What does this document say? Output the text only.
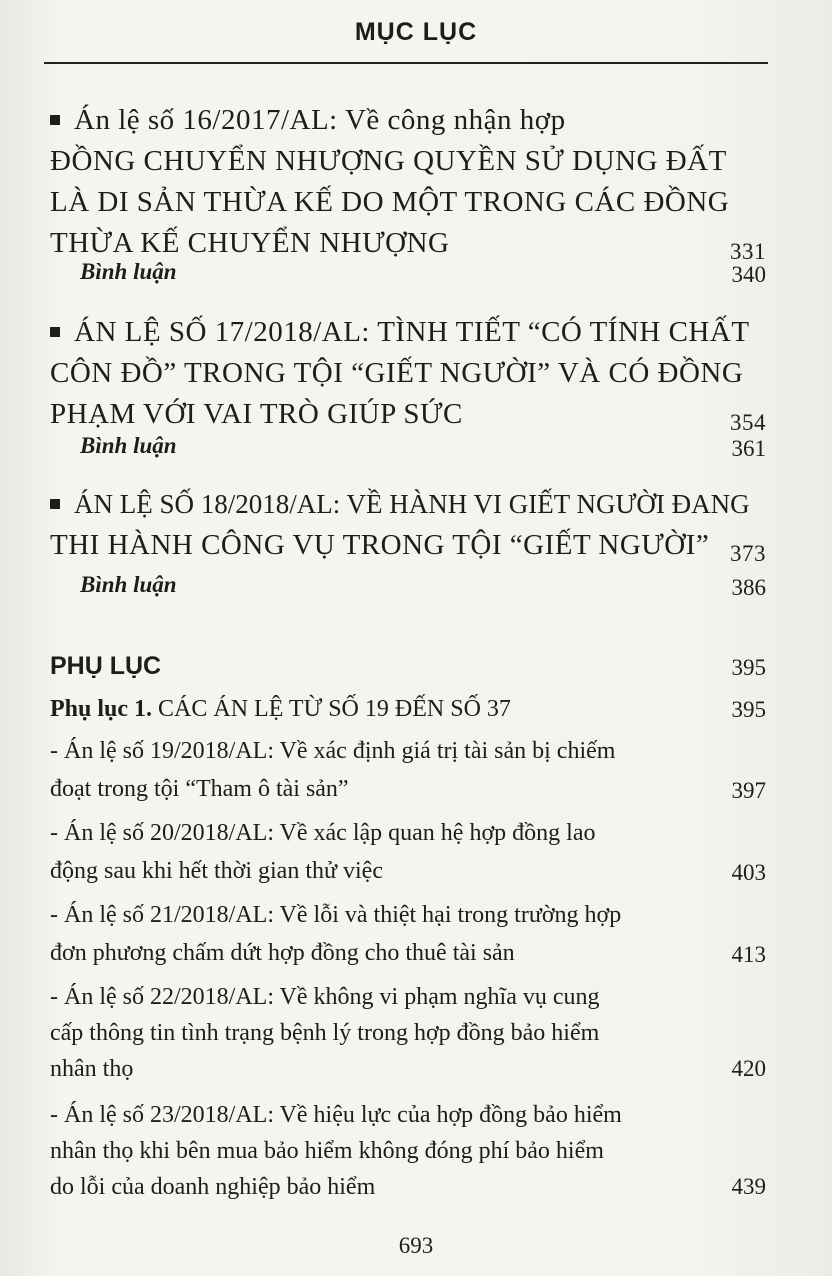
MỤC LỤC
Án lệ số 16/2017/AL: Về công nhận hợp
ĐỒNG CHUYỂN NHƯỢNG QUYỀN SỬ DỤNG ĐẤT
LÀ DI SẢN THỪA KẾ DO MỘT TRONG CÁC ĐỒNG
THỪA KẾ CHUYỂN NHƯỢNG	331
Bình luận	340
ÁN LỆ SỐ 17/2018/AL: TÌNH TIẾT “CÓ TÍNH CHẤT
CÔN ĐỒ” TRONG TỘI “GIẾT NGƯỜI” VÀ CÓ ĐỒNG
PHẠM VỚI VAI TRÒ GIÚP SỨC	354
Bình luận	361
ÁN LỆ SỐ 18/2018/AL: VỀ HÀNH VI GIẾT NGƯỜI ĐANG
THI HÀNH CÔNG VỤ TRONG TỘI “GIẾT NGƯỜI” 373
Bình luận	386
PHỤ LỤC	395
Phụ lục 1. CÁC ÁN LỆ TỪ SỐ 19 ĐẾN SỐ 37	395
- Án lệ số 19/2018/AL: Về xác định giá trị tài sản bị chiếm
đoạt trong tội “Tham ô tài sản”	397
- Án lệ số 20/2018/AL: Về xác lập quan hệ hợp đồng lao
động sau khi hết thời gian thử việc	403
- Án lệ số 21/2018/AL: Về lỗi và thiệt hại trong trường hợp
đơn phương chấm dứt hợp đồng cho thuê tài sản	413
- Án lệ số 22/2018/AL: Về không vi phạm nghĩa vụ cung
cấp thông tin tình trạng bệnh lý trong hợp đồng bảo hiểm
nhân thọ	420
- Án lệ số 23/2018/AL: Về hiệu lực của hợp đồng bảo hiểm
nhân thọ khi bên mua bảo hiểm không đóng phí bảo hiểm
do lỗi của doanh nghiệp bảo hiểm	439
693
